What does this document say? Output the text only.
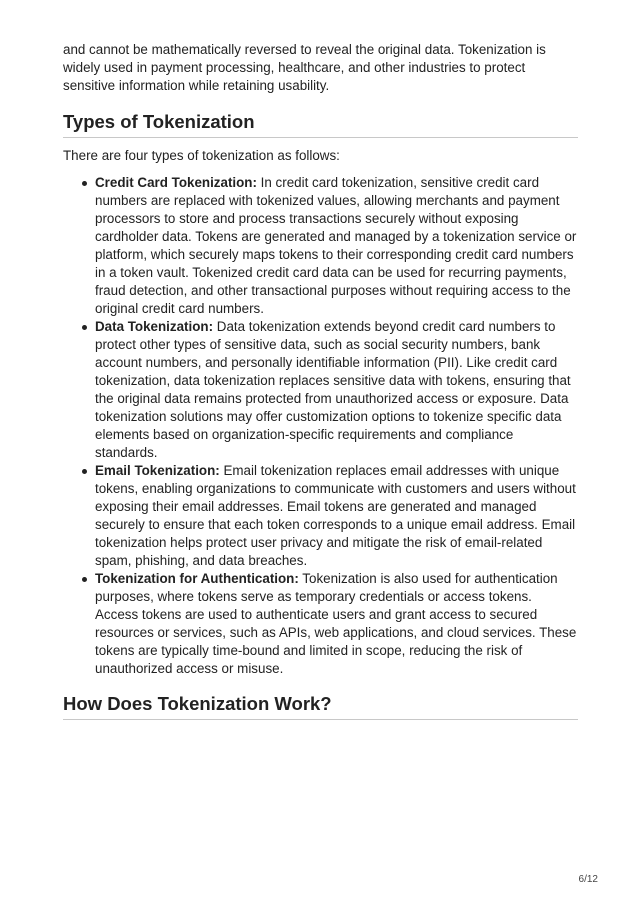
and cannot be mathematically reversed to reveal the original data. Tokenization is widely used in payment processing, healthcare, and other industries to protect sensitive information while retaining usability.

Types of Tokenization

There are four types of tokenization as follows:

Credit Card Tokenization: In credit card tokenization, sensitive credit card numbers are replaced with tokenized values, allowing merchants and payment processors to store and process transactions securely without exposing cardholder data. Tokens are generated and managed by a tokenization service or platform, which securely maps tokens to their corresponding credit card numbers in a token vault. Tokenized credit card data can be used for recurring payments, fraud detection, and other transactional purposes without requiring access to the original credit card numbers.
Data Tokenization: Data tokenization extends beyond credit card numbers to protect other types of sensitive data, such as social security numbers, bank account numbers, and personally identifiable information (PII). Like credit card tokenization, data tokenization replaces sensitive data with tokens, ensuring that the original data remains protected from unauthorized access or exposure. Data tokenization solutions may offer customization options to tokenize specific data elements based on organization-specific requirements and compliance standards.
Email Tokenization: Email tokenization replaces email addresses with unique tokens, enabling organizations to communicate with customers and users without exposing their email addresses. Email tokens are generated and managed securely to ensure that each token corresponds to a unique email address. Email tokenization helps protect user privacy and mitigate the risk of email-related spam, phishing, and data breaches.
Tokenization for Authentication: Tokenization is also used for authentication purposes, where tokens serve as temporary credentials or access tokens. Access tokens are used to authenticate users and grant access to secured resources or services, such as APIs, web applications, and cloud services. These tokens are typically time-bound and limited in scope, reducing the risk of unauthorized access or misuse.
How Does Tokenization Work?
6/12
